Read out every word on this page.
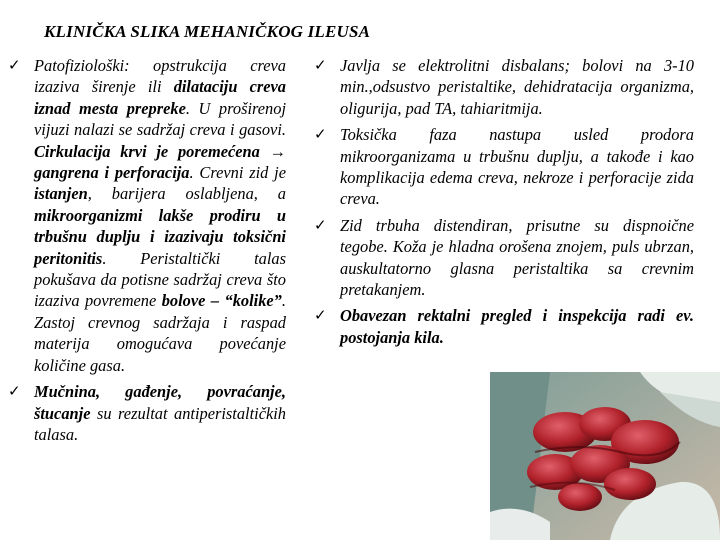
KLINIČKA SLIKA MEHANIČKOG ILEUSA
✓ Patofiziološki: opstrukcija creva izaziva širenje ili dilataciju creva iznad mesta prepreke. U proširenoj vijuzi nalazi se sadržaj creva i gasovi. Cirkulacija krvi je poremećena → gangrena i perforacija. Crevni zid je istanjen, barijera oslabljena, a mikroorganizmi lakše prodiru u trbušnu duplju i izazivaju toksični peritonitis. Peristaltički talas pokušava da potisne sadržaj creva što izaziva povremene bolove – “kolike”. Zastoj crevnog sadržaja i raspad materija omogućava povećanje količine gasa.
✓ Mučnina, gađenje, povraćanje, štucanje su rezultat antiperistaltičkih talasa.
✓ Javlja se elektrolitni disbalans; bolovi na 3-10 min.,odsustvo peristaltike, dehidratacija organizma, oligurija, pad TA, tahiaritmija.
✓ Toksička faza nastupa usled prodora mikroorganizama u trbušnu duplju, a takođe i kao komplikacija edema creva, nekroze i perforacije zida creva.
✓ Zid trbuha distendiran, prisutne su dispnoične tegobe. Koža je hladna orošena znojem, puls ubrzan, auskultatorno glasna peristaltika sa crevnim pretakanjem.
✓ Obavezan rektalni pregled i inspekcija radi ev. postojanja kila.
